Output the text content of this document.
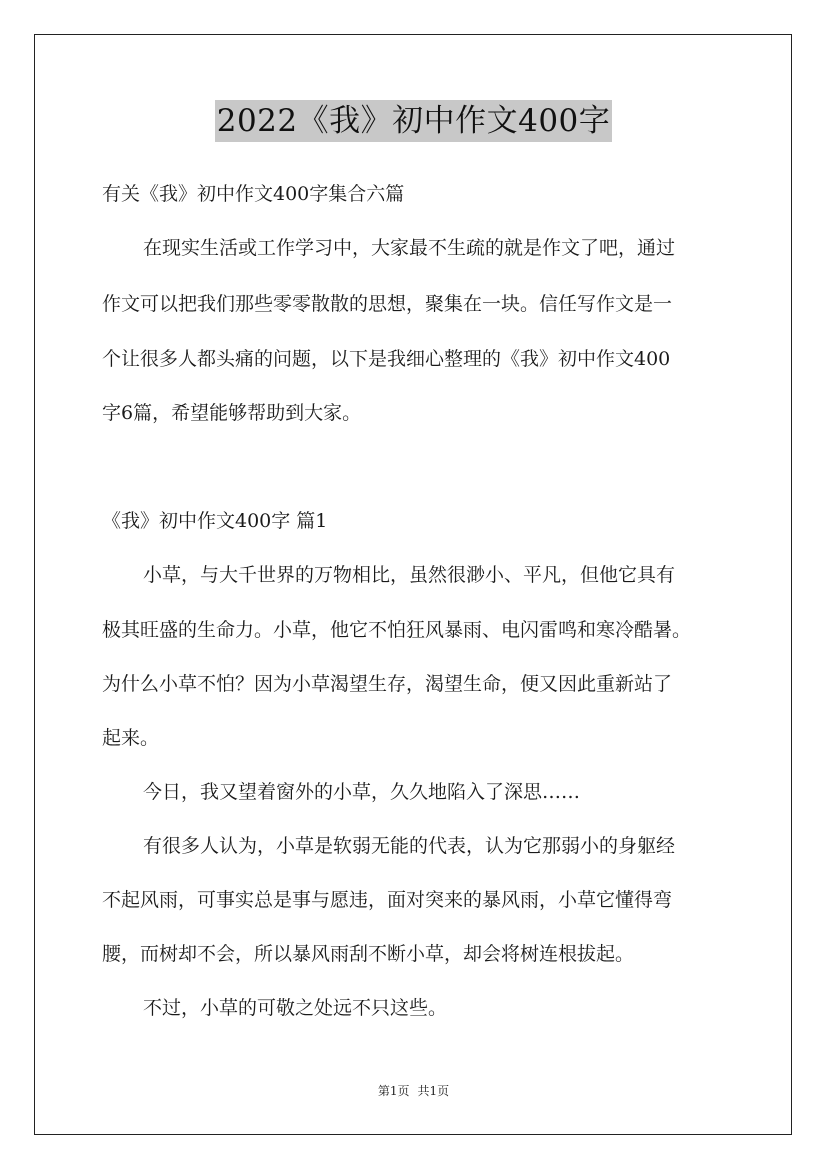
2022《我》初中作文400字
有关《我》初中作文400字集合六篇
在现实生活或工作学习中，大家最不生疏的就是作文了吧，通过
作文可以把我们那些零零散散的思想，聚集在一块。信任写作文是一
个让很多人都头痛的问题，以下是我细心整理的《我》初中作文400
字6篇，希望能够帮助到大家。
《我》初中作文400字 篇1
小草，与大千世界的万物相比，虽然很渺小、平凡，但他它具有
极其旺盛的生命力。小草，他它不怕狂风暴雨、电闪雷鸣和寒冷酷暑。
为什么小草不怕？因为小草渴望生存，渴望生命，便又因此重新站了
起来。
今日，我又望着窗外的小草，久久地陷入了深思……
有很多人认为，小草是软弱无能的代表，认为它那弱小的身躯经
不起风雨，可事实总是事与愿违，面对突来的暴风雨，小草它懂得弯
腰，而树却不会，所以暴风雨刮不断小草，却会将树连根拔起。
不过，小草的可敬之处远不只这些。
第1页 共1页
